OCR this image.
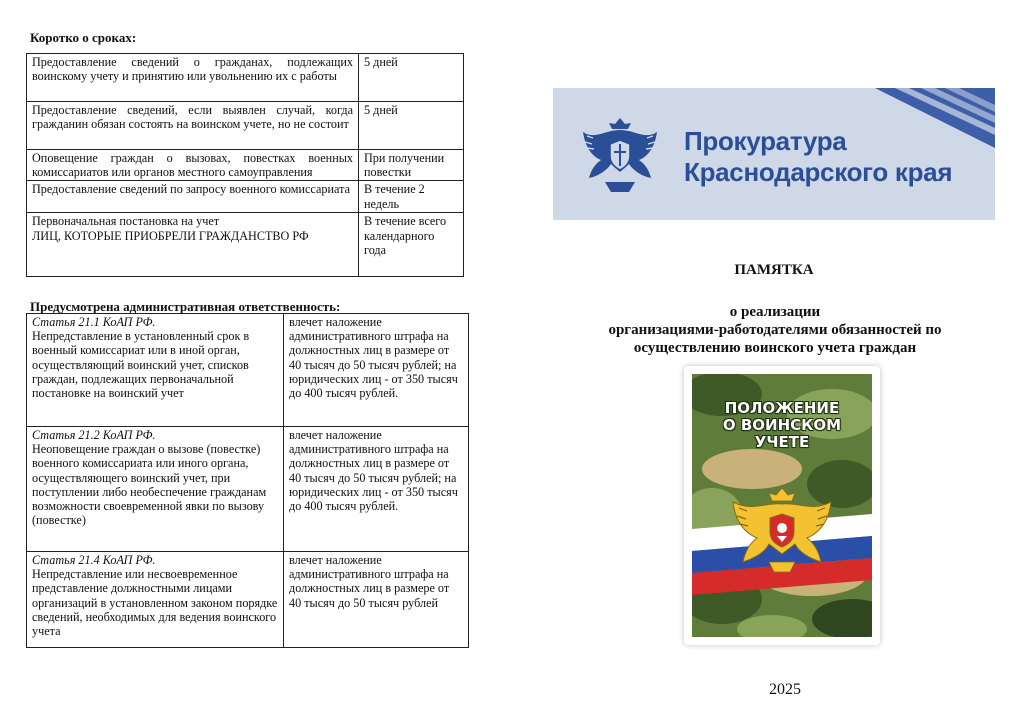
Коротко о сроках:

Предоставление сведений о гражданах, подлежащих воинскому учету и принятию или увольнению их с работы	5 дней
Предоставление сведений, если выявлен случай, когда гражданин обязан состоять на воинском учете, но не состоит	5 дней
Оповещение граждан о вызовах, повестках военных комиссариатов или органов местного самоуправления	При получении повестки
Предоставление сведений по запросу военного комиссариата	В течение 2 недель
Первоначальная постановка на учет
ЛИЦ, КОТОРЫЕ ПРИОБРЕЛИ ГРАЖДАНСТВО РФ	В течение всего календарного года

Предусмотрена административная ответственность:

Статья 21.1 КоАП РФ.
Непредставление в установленный срок в военный комиссариат или в иной орган, осуществляющий воинский учет, списков граждан, подлежащих первоначальной постановке на воинский учет	влечет наложение административного штрафа на должностных лиц в размере от 40 тысяч до 50 тысяч рублей; на юридических лиц - от 350 тысяч до 400 тысяч рублей.

Статья 21.2 КоАП РФ.
Неоповещение граждан о вызове (повестке) военного комиссариата или иного органа, осуществляющего воинский учет, при поступлении либо необеспечение гражданам возможности своевременной явки по вызову (повестке)	влечет наложение административного штрафа на должностных лиц в размере от 40 тысяч до 50 тысяч рублей; на юридических лиц - от 350 тысяч до 400 тысяч рублей.

Статья 21.4 КоАП РФ.
Непредставление или несвоевременное представление должностными лицами организаций в установленном законом порядке сведений, необходимых для ведения воинского учета	влечет наложение административного штрафа на должностных лиц в размере от 40 тысяч до 50 тысяч рублей
Прокуратура
Краснодарского края
ПАМЯТКА
о реализации
организациями-работодателями обязанностей по
осуществлению воинского учета граждан
ПОЛОЖЕНИЕ
О ВОИНСКОМ
УЧЕТЕ
2025
